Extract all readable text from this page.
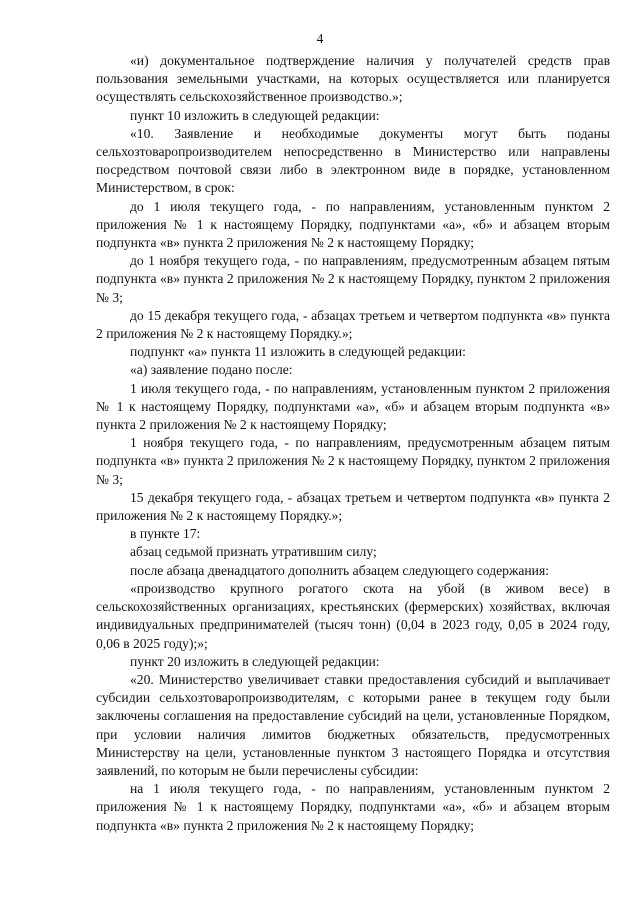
4

«и) документальное подтверждение наличия у получателей средств прав пользования земельными участками, на которых осуществляется или планируется осуществлять сельскохозяйственное производство.»;

пункт 10 изложить в следующей редакции:

«10. Заявление и необходимые документы могут быть поданы сельхозтоваропроизводителем непосредственно в Министерство или направлены посредством почтовой связи либо в электронном виде в порядке, установленном Министерством, в срок:

до 1 июля текущего года, - по направлениям, установленным пунктом 2 приложения № 1 к настоящему Порядку, подпунктами «а», «б» и абзацем вторым подпункта «в» пункта 2 приложения № 2 к настоящему Порядку;

до 1 ноября текущего года, - по направлениям, предусмотренным абзацем пятым подпункта «в» пункта 2 приложения № 2 к настоящему Порядку, пунктом 2 приложения № 3;

до 15 декабря текущего года, - абзацах третьем и четвертом подпункта «в» пункта 2 приложения № 2 к настоящему Порядку.»;

подпункт «а» пункта 11 изложить в следующей редакции:

«а) заявление подано после:

1 июля текущего года, - по направлениям, установленным пунктом 2 приложения № 1 к настоящему Порядку, подпунктами «а», «б» и абзацем вторым подпункта «в» пункта 2 приложения № 2 к настоящему Порядку;

1 ноября текущего года, - по направлениям, предусмотренным абзацем пятым подпункта «в» пункта 2 приложения № 2 к настоящему Порядку, пунктом 2 приложения № 3;

15 декабря текущего года, - абзацах третьем и четвертом подпункта «в» пункта 2 приложения № 2 к настоящему Порядку.»;

в пункте 17:

абзац седьмой признать утратившим силу;

после абзаца двенадцатого дополнить абзацем следующего содержания:

«производство крупного рогатого скота на убой (в живом весе) в сельскохозяйственных организациях, крестьянских (фермерских) хозяйствах, включая индивидуальных предпринимателей (тысяч тонн) (0,04 в 2023 году, 0,05 в 2024 году, 0,06 в 2025 году);»;

пункт 20 изложить в следующей редакции:

«20. Министерство увеличивает ставки предоставления субсидий и выплачивает субсидии сельхозтоваропроизводителям, с которыми ранее в текущем году были заключены соглашения на предоставление субсидий на цели, установленные Порядком, при условии наличия лимитов бюджетных обязательств, предусмотренных Министерству на цели, установленные пунктом 3 настоящего Порядка и отсутствия заявлений, по которым не были перечислены субсидии:

на 1 июля текущего года, - по направлениям, установленным пунктом 2 приложения № 1 к настоящему Порядку, подпунктами «а», «б» и абзацем вторым подпункта «в» пункта 2 приложения № 2 к настоящему Порядку;
